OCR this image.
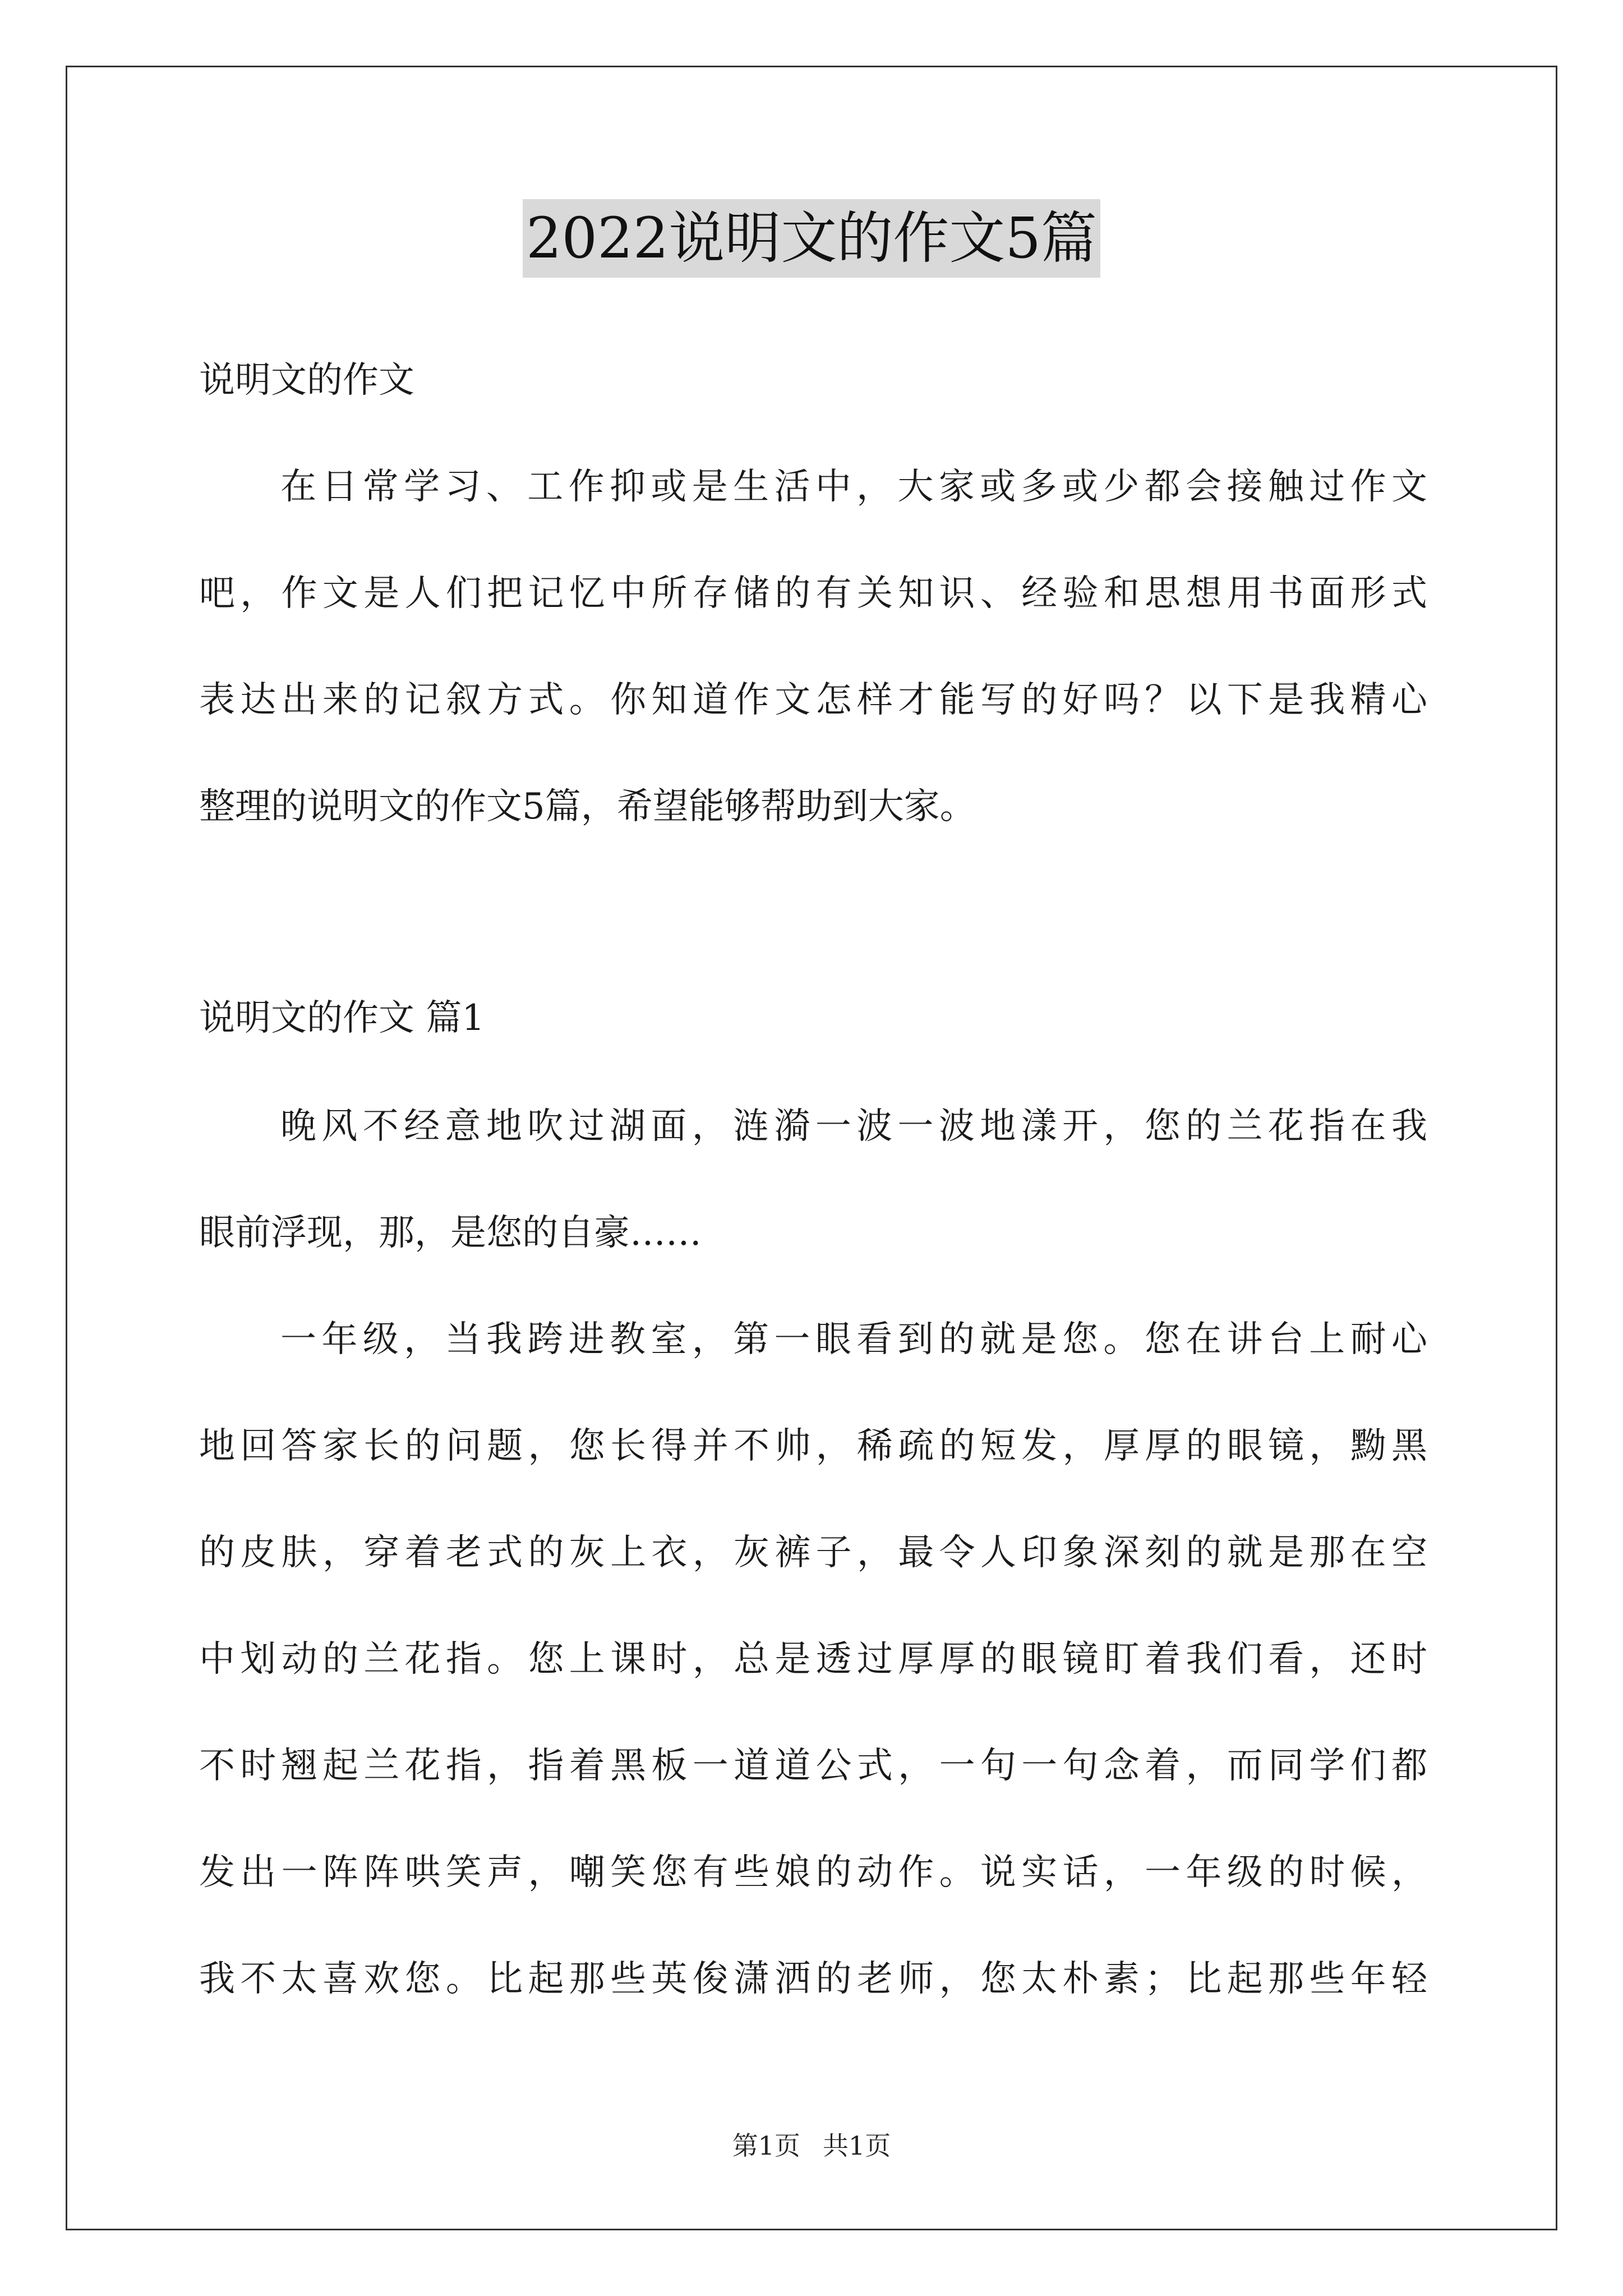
2022说明文的作文5篇
说明文的作文
在日常学习、工作抑或是生活中，大家或多或少都会接触过作文
吧，作文是人们把记忆中所存储的有关知识、经验和思想用书面形式
表达出来的记叙方式。你知道作文怎样才能写的好吗？以下是我精心
整理的说明文的作文5篇，希望能够帮助到大家。
说明文的作文 篇1
晚风不经意地吹过湖面，涟漪一波一波地漾开，您的兰花指在我
眼前浮现，那，是您的自豪……
一年级，当我跨进教室，第一眼看到的就是您。您在讲台上耐心
地回答家长的问题，您长得并不帅，稀疏的短发，厚厚的眼镜，黝黑
的皮肤，穿着老式的灰上衣，灰裤子，最令人印象深刻的就是那在空
中划动的兰花指。您上课时，总是透过厚厚的眼镜盯着我们看，还时
不时翘起兰花指，指着黑板一道道公式，一句一句念着，而同学们都
发出一阵阵哄笑声，嘲笑您有些娘的动作。说实话，一年级的时候，
我不太喜欢您。比起那些英俊潇洒的老师，您太朴素；比起那些年轻
第1页 共1页
